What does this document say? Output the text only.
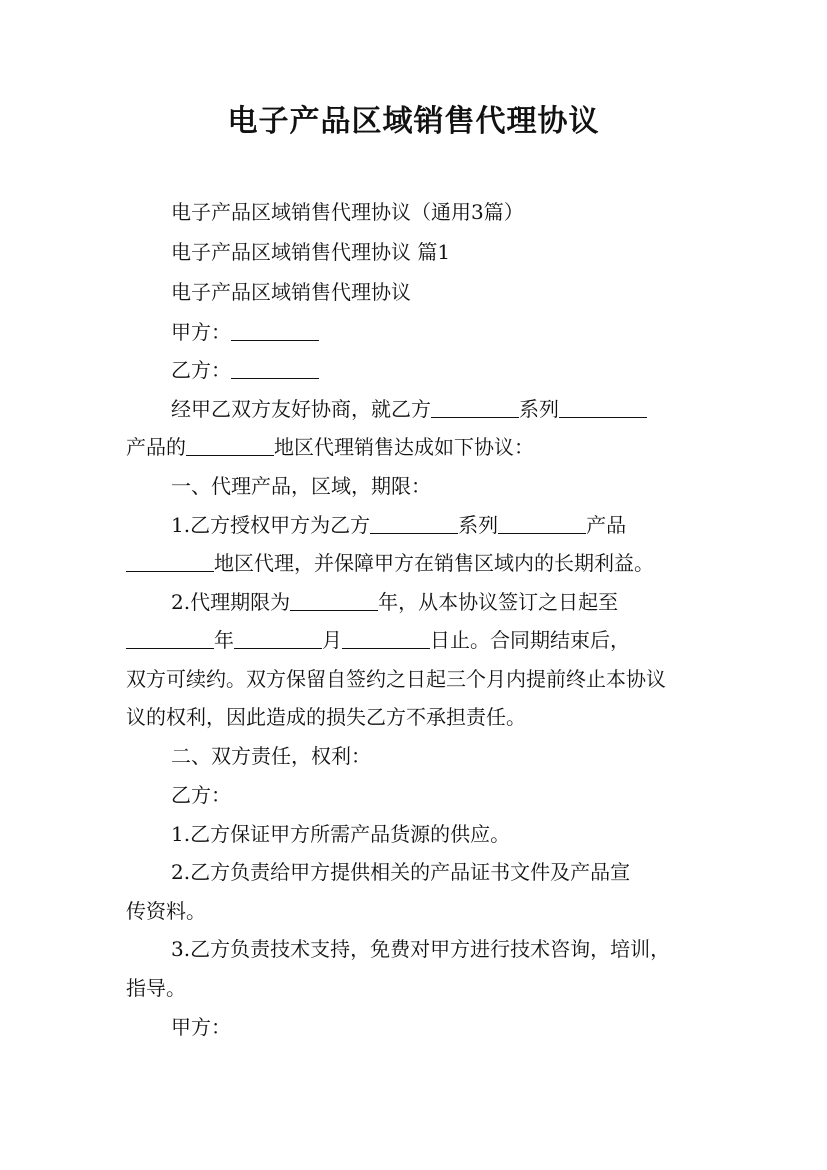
电子产品区域销售代理协议
电子产品区域销售代理协议（通用3篇）
电子产品区域销售代理协议 篇1
电子产品区域销售代理协议
甲方：
乙方：
经甲乙双方友好协商，就乙方	系列
产品的	地区代理销售达成如下协议：
一、代理产品，区域，期限：
1.乙方授权甲方为乙方	系列	产品
地区代理，并保障甲方在销售区域内的长期利益。
2.代理期限为	年，从本协议签订之日起至
年	月	日止。合同期结束后，
双方可续约。双方保留自签约之日起三个月内提前终止本协议
议的权利，因此造成的损失乙方不承担责任。
二、双方责任，权利：
乙方：
1.乙方保证甲方所需产品货源的供应。
2.乙方负责给甲方提供相关的产品证书文件及产品宣
传资料。
3.乙方负责技术支持，免费对甲方进行技术咨询，培训，
指导。
甲方：
